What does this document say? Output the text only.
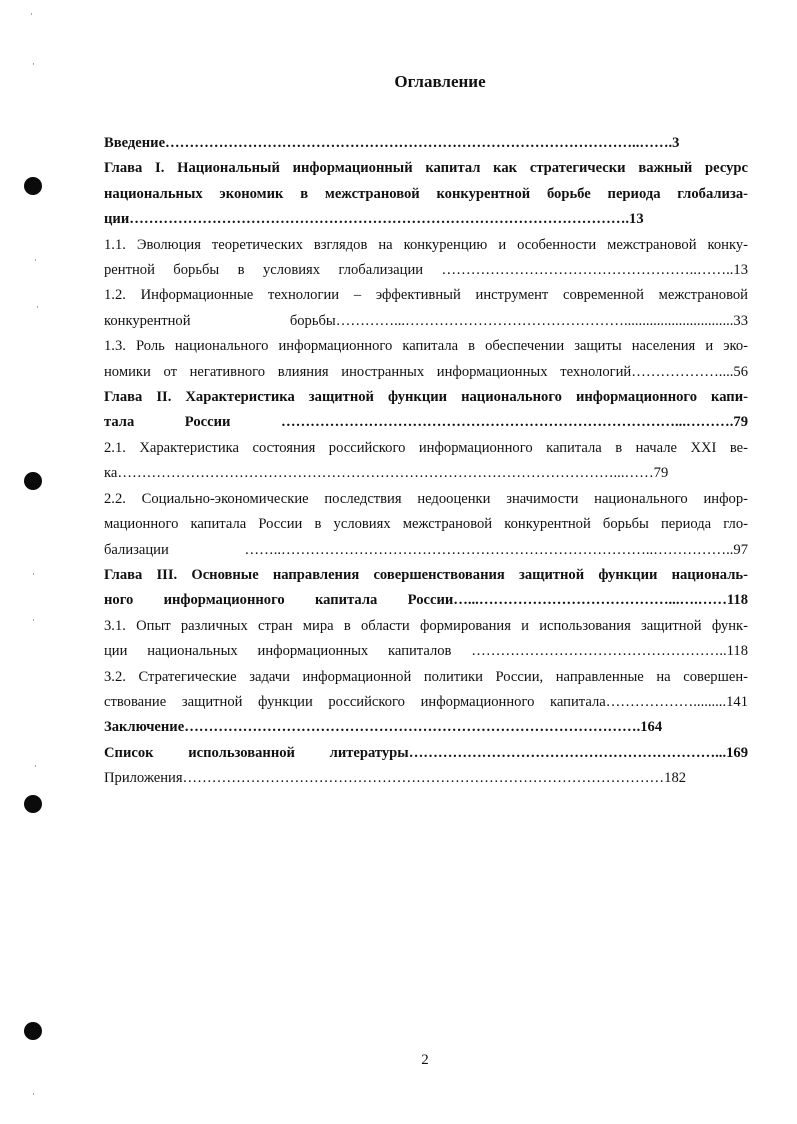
·
·
·
·
·
·
·
·
Оглавление
Введение……………………………………………………………………………………..…….3
Глава I. Национальный информационный капитал как стратегически важный ресурс
национальных экономик в межстрановой конкурентной борьбе периода глобализа-
ции………………………………………………………………………………………….13
1.1. Эволюция теоретических взглядов на конкуренцию и особенности межстрановой конку-
рентной борьбы в условиях глобализации ……………………………………………..……..13
1.2. Информационные технологии – эффективный инструмент современной межстрановой
конкурентной борьбы…………...………………………………………..............................33
1.3. Роль национального информационного капитала в обеспечении защиты населения и эко-
номики от негативного влияния иностранных информационных технологий………………....56
Глава II. Характеристика защитной функции национального информационного капи-
тала России ………………………………………………………………………...……….79
2.1. Характеристика состояния российского информационного капитала в начале XXI ве-
ка…………………………………………………………………………………………...……79
2.2. Социально-экономические последствия недооценки значимости национального инфор-
мационного капитала России в условиях межстрановой конкурентной борьбы периода гло-
бализации ……..…………………………………………………………………..……………..97
Глава III. Основные направления совершенствования защитной функции националь-
ного информационного капитала России…...…………………………………...….……118
3.1. Опыт различных стран мира в области формирования и использования защитной функ-
ции национальных информационных капиталов ……………………………………………..118
3.2. Стратегические задачи информационной политики России, направленные на совершен-
ствование защитной функции российского информационного капитала……………….........141
Заключение………………………………………………………………………………….164
Список использованной литературы………………………………………………………...169
Приложения………………………………………………………………………………………182
2
